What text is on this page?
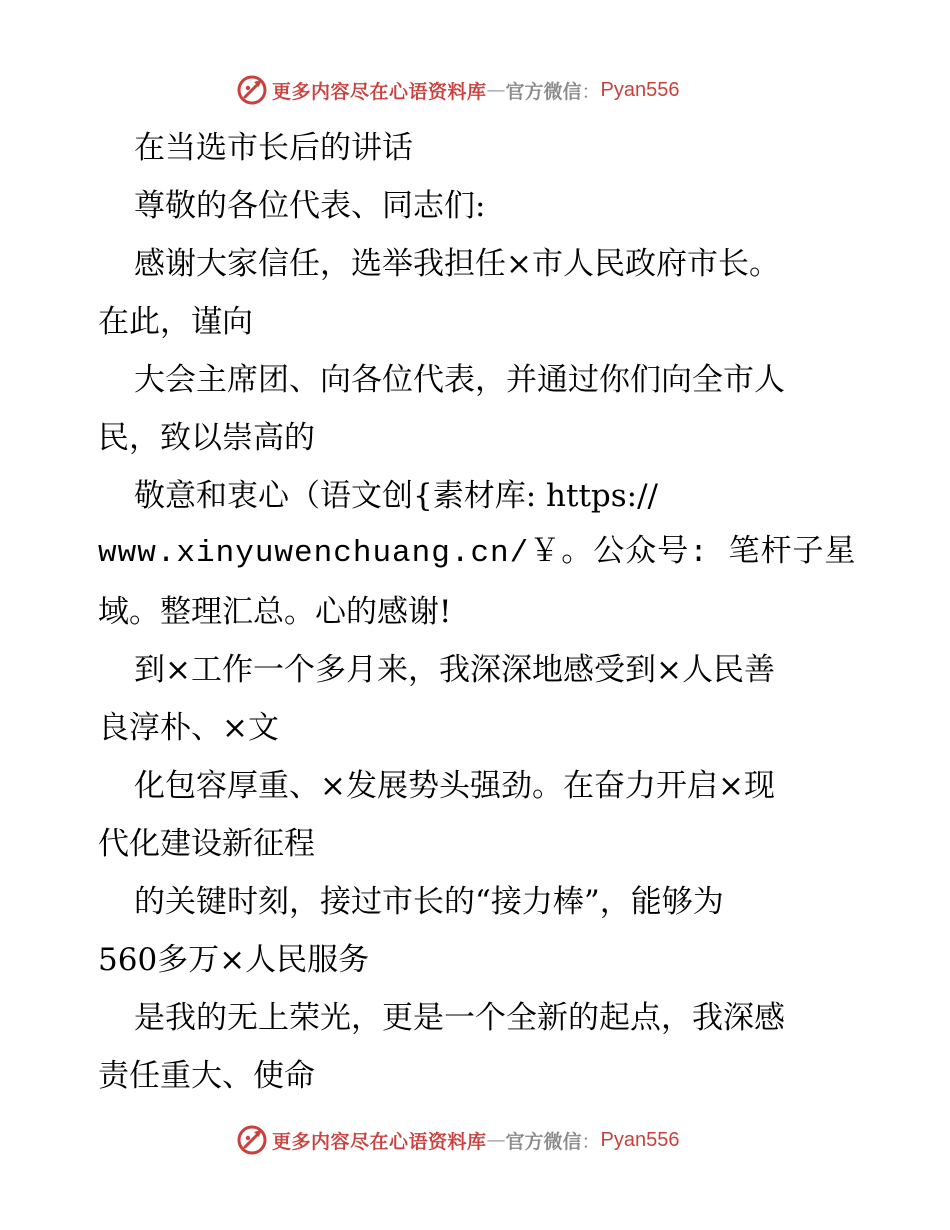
更多内容尽在心语资料库 — 官方微信 ： Pyan556
在当选市长后的讲话
尊敬的各位代表、同志们:
感谢大家信任，选举我担任×市人民政府市长。
在此，谨向
大会主席团、向各位代表，并通过你们向全市人
民，致以崇高的
敬意和衷心（语文创{素材库: https://
www.xinyuwenchuang.cn/￥。公众号: 笔杆子星
域。整理汇总。心的感谢!
到×工作一个多月来，我深深地感受到×人民善
良淳朴、×文
化包容厚重、×发展势头强劲。在奋力开启×现
代化建设新征程
的关键时刻，接过市长的“接力棒”，能够为
560多万×人民服务
是我的无上荣光，更是一个全新的起点，我深感
责任重大、使命
更多内容尽在心语资料库 — 官方微信 ： Pyan556
